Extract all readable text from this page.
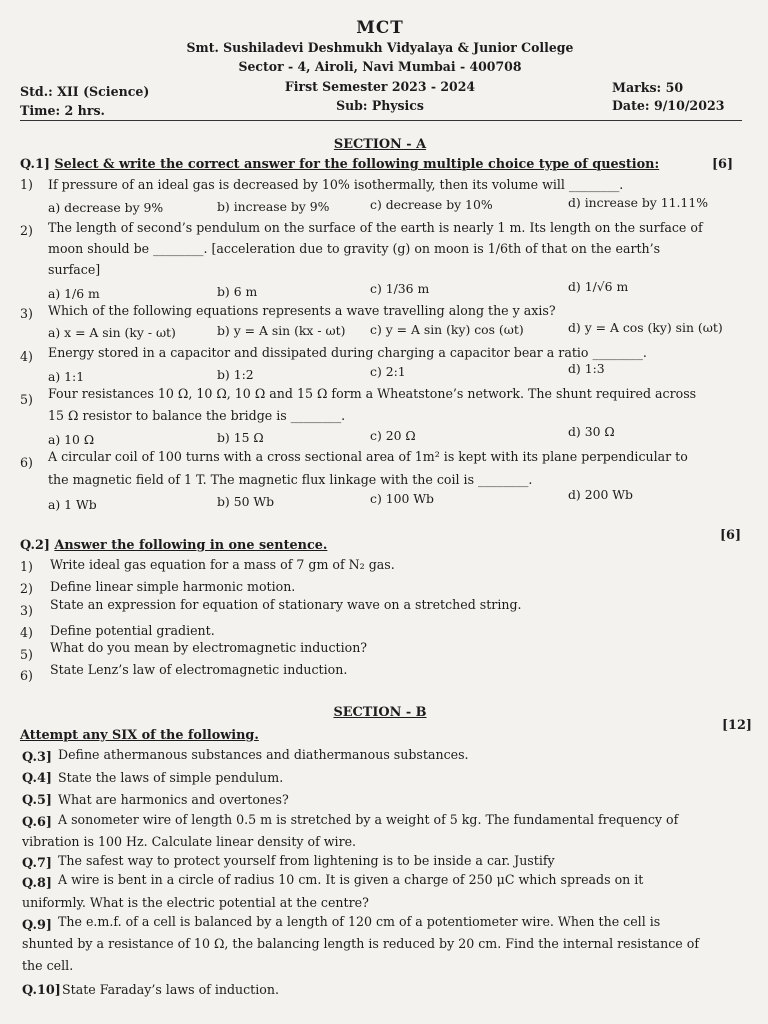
MCT
Smt. Sushiladevi Deshmukh Vidyalaya & Junior College
Sector - 4, Airoli, Navi Mumbai - 400708
Std.: XII (Science)	First Semester 2023 - 2024	Marks: 50
Time: 2 hrs.	Sub: Physics	Date: 9/10/2023
SECTION - A
Q.1] Select & write the correct answer for the following multiple choice type of question:	[6]
1) If pressure of an ideal gas is decreased by 10% isothermally, then its volume will ________.
a) decrease by 9%	b) increase by 9%	c) decrease by 10%	d) increase by 11.11%
2) The length of second’s pendulum on the surface of the earth is nearly 1 m. Its length on the surface of
moon should be ________. [acceleration due to gravity (g) on moon is 1/6th of that on the earth’s
surface]
a) 1/6 m	b) 6 m	c) 1/36 m	d) 1/√6 m
3) Which of the following equations represents a wave travelling along the y axis?
a) x = A sin (ky - ωt)	b) y = A sin (kx - ωt) c) y = A sin (ky) cos (ωt)	d) y = A cos (ky) sin (ωt)
4) Energy stored in a capacitor and dissipated during charging a capacitor bear a ratio ________.
a) 1:1	b) 1:2	c) 2:1	d) 1:3
5) Four resistances 10 Ω, 10 Ω, 10 Ω and 15 Ω form a Wheatstone’s network. The shunt required across
15 Ω resistor to balance the bridge is ________.
a) 10 Ω	b) 15 Ω	c) 20 Ω	d) 30 Ω
6) A circular coil of 100 turns with a cross sectional area of 1m² is kept with its plane perpendicular to
the magnetic field of 1 T. The magnetic flux linkage with the coil is ________.
a) 1 Wb	b) 50 Wb	c) 100 Wb	d) 200 Wb
Q.2] Answer the following in one sentence.
[6]
1) Write ideal gas equation for a mass of 7 gm of N₂ gas.
2) Define linear simple harmonic motion.
3) State an expression for equation of stationary wave on a stretched string.
4) Define potential gradient.
5) What do you mean by electromagnetic induction?
6) State Lenz’s law of electromagnetic induction.
SECTION - B
Attempt any SIX of the following.
[12]
Q.3] Define athermanous substances and diathermanous substances.
Q.4] State the laws of simple pendulum.
Q.5] What are harmonics and overtones?
Q.6] A sonometer wire of length 0.5 m is stretched by a weight of 5 kg. The fundamental frequency of
vibration is 100 Hz. Calculate linear density of wire.
Q.7] The safest way to protect yourself from lightening is to be inside a car. Justify
Q.8] A wire is bent in a circle of radius 10 cm. It is given a charge of 250 μC which spreads on it
uniformly. What is the electric potential at the centre?
Q.9] The e.m.f. of a cell is balanced by a length of 120 cm of a potentiometer wire. When the cell is
shunted by a resistance of 10 Ω, the balancing length is reduced by 20 cm. Find the internal resistance of
the cell.
Q.10] State Faraday’s laws of induction.
